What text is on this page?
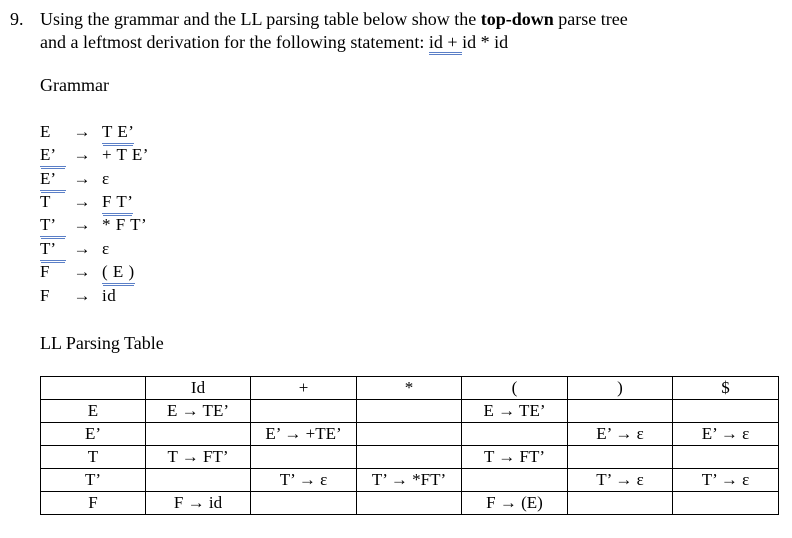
9. Using the grammar and the LL parsing table below show the top-down parse tree
and a leftmost derivation for the following statement: id + id * id
Grammar
E	→ T E’
E’	→ + T E’
E’	→ ε
T	→ F T’
T’	→ * F T’
T’	→ ε
F	→ ( E )
F	→ id
LL Parsing Table
	Id	+	*	(	)	$
E	E → TE’			E → TE’		
E’		E’ → +TE’			E’ → ε	E’ → ε
T	T → FT’			T → FT’		
T’		T’ → ε	T’ → *FT’		T’ → ε	T’ → ε
F	F → id			F → (E)		
